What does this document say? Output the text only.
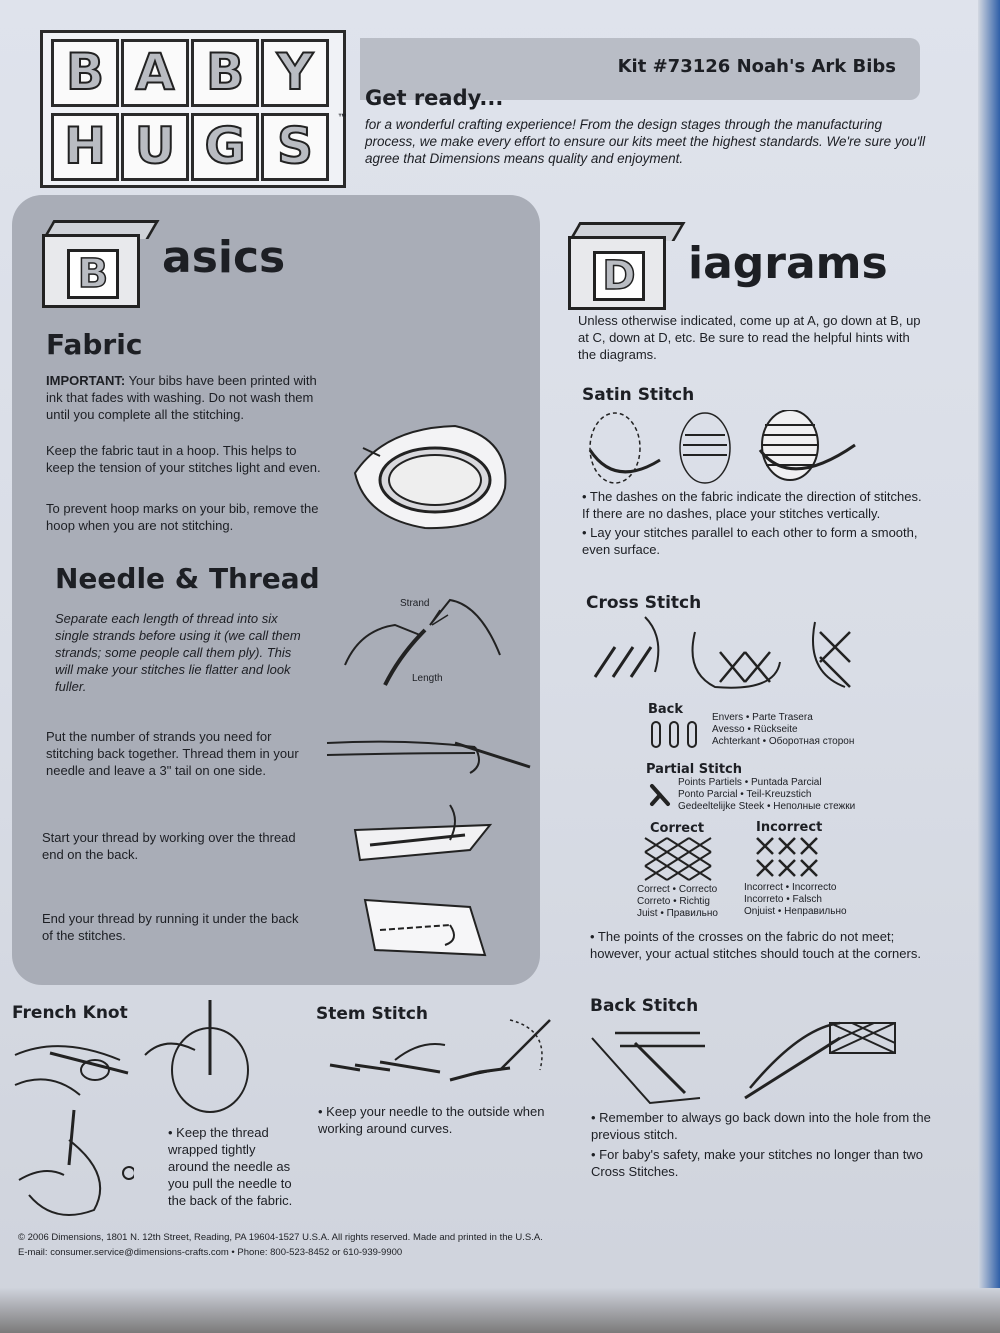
B A B Y
H U G S	™
Kit #73126 Noah's Ark Bibs
Get ready...
for a wonderful crafting experience! From the design stages through the manufacturing process, we make every effort to ensure our kits meet the highest standards. We're sure you'll agree that Dimensions means quality and enjoyment.
B asics
Fabric
IMPORTANT: Your bibs have been printed with ink that fades with washing. Do not wash them until you complete all the stitching.
Keep the fabric taut in a hoop. This helps to keep the tension of your stitches light and even.
To prevent hoop marks on your bib, remove the hoop when you are not stitching.
Needle & Thread
Separate each length of thread into six single strands before using it (we call them strands; some people call them ply). This will make your stitches lie flatter and look fuller.
Strand
Length
Put the number of strands you need for stitching back together. Thread them in your needle and leave a 3" tail on one side.
Start your thread by working over the thread end on the back.
End your thread by running it under the back of the stitches.
D iagrams
Unless otherwise indicated, come up at A, go down at B, up at C, down at D, etc. Be sure to read the helpful hints with the diagrams.
Satin Stitch
• The dashes on the fabric indicate the direction of stitches. If there are no dashes, place your stitches vertically.
• Lay your stitches parallel to each other to form a smooth, even surface.
Cross Stitch
Back
Envers • Parte Trasera
Avesso • Rückseite
Achterkant • Оборотная сторон
Partial Stitch
Points Partiels • Puntada Parcial
Ponto Parcial • Teil-Kreuzstich
Gedeeltelijke Steek • Неполные стежки
Correct
Correct • Correcto
Correto • Richtig
Juist • Правильно
Incorrect
Incorrect • Incorrecto
Incorreto • Falsch
Onjuist • Неправильно
• The points of the crosses on the fabric do not meet; however, your actual stitches should touch at the corners.
French Knot
• Keep the thread wrapped tightly around the needle as you pull the needle to the back of the fabric.
Stem Stitch
• Keep your needle to the outside when working around curves.
Back Stitch
• Remember to always go back down into the hole from the previous stitch.
• For baby's safety, make your stitches no longer than two Cross Stitches.
© 2006 Dimensions, 1801 N. 12th Street, Reading, PA 19604-1527 U.S.A. All rights reserved. Made and printed in the U.S.A.
E-mail: consumer.service@dimensions-crafts.com • Phone: 800-523-8452 or 610-939-9900
